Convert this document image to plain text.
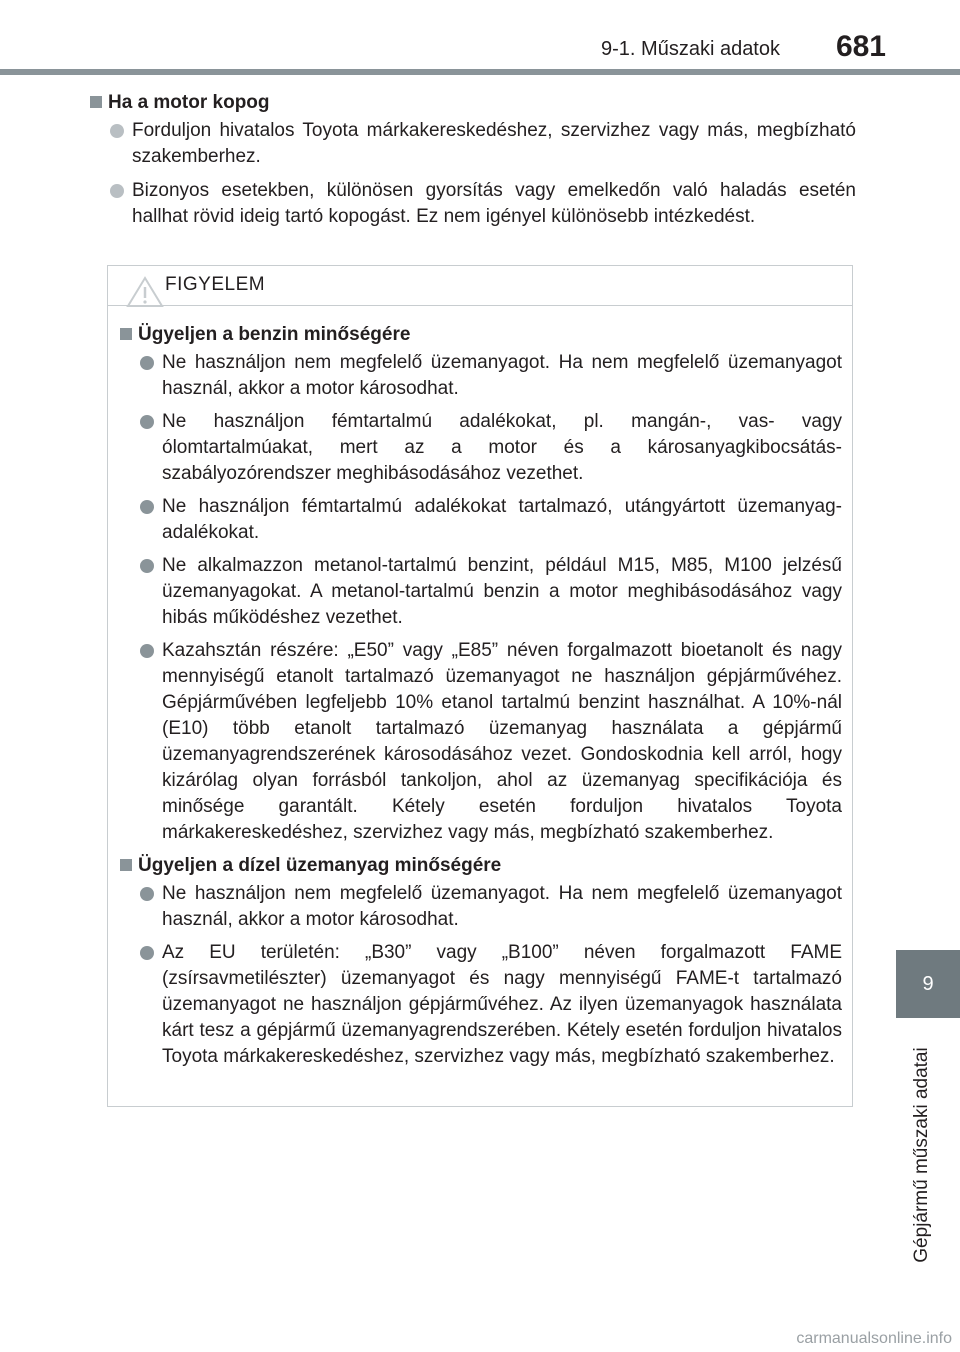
9-1. Műszaki adatok 681
9
Gépjármű műszaki adatai
Ha a motor kopog
Forduljon hivatalos Toyota márkakereskedéshez, szervizhez vagy más, megbízható szakemberhez.
Bizonyos esetekben, különösen gyorsítás vagy emelkedőn való haladás esetén hallhat rövid ideig tartó kopogást. Ez nem igényel különösebb intézkedést.
FIGYELEM
Ügyeljen a benzin minőségére
Ne használjon nem megfelelő üzemanyagot. Ha nem megfelelő üzemanyagot használ, akkor a motor károsodhat.
Ne használjon fémtartalmú adalékokat, pl. mangán-, vas- vagy ólomtartalmúakat, mert az a motor és a károsanyagkibocsátás-szabályozórendszer meghibásodásához vezethet.
Ne használjon fémtartalmú adalékokat tartalmazó, utángyártott üzemanyag-adalékokat.
Ne alkalmazzon metanol-tartalmú benzint, például M15, M85, M100 jelzésű üzemanyagokat. A metanol-tartalmú benzin a motor meghibásodásához vagy hibás működéshez vezethet.
Kazahsztán részére: „E50” vagy „E85” néven forgalmazott bioetanolt és nagy mennyiségű etanolt tartalmazó üzemanyagot ne használjon gépjárművéhez. Gépjárművében legfeljebb 10% etanol tartalmú benzint használhat. A 10%-nál (E10) több etanolt tartalmazó üzemanyag használata a gépjármű üzemanyagrendszerének károsodásához vezet. Gondoskodnia kell arról, hogy kizárólag olyan forrásból tankoljon, ahol az üzemanyag specifikációja és minősége garantált. Kétely esetén forduljon hivatalos Toyota márkakereskedéshez, szervizhez vagy más, megbízható szakemberhez.
Ügyeljen a dízel üzemanyag minőségére
Ne használjon nem megfelelő üzemanyagot. Ha nem megfelelő üzemanyagot használ, akkor a motor károsodhat.
Az EU területén: „B30” vagy „B100” néven forgalmazott FAME (zsírsavmetilészter) üzemanyagot és nagy mennyiségű FAME-t tartalmazó üzemanyagot ne használjon gépjárművéhez. Az ilyen üzemanyagok használata kárt tesz a gépjármű üzemanyagrendszerében. Kétely esetén forduljon hivatalos Toyota márkakereskedéshez, szervizhez vagy más, megbízható szakemberhez.
carmanualsonline.info
